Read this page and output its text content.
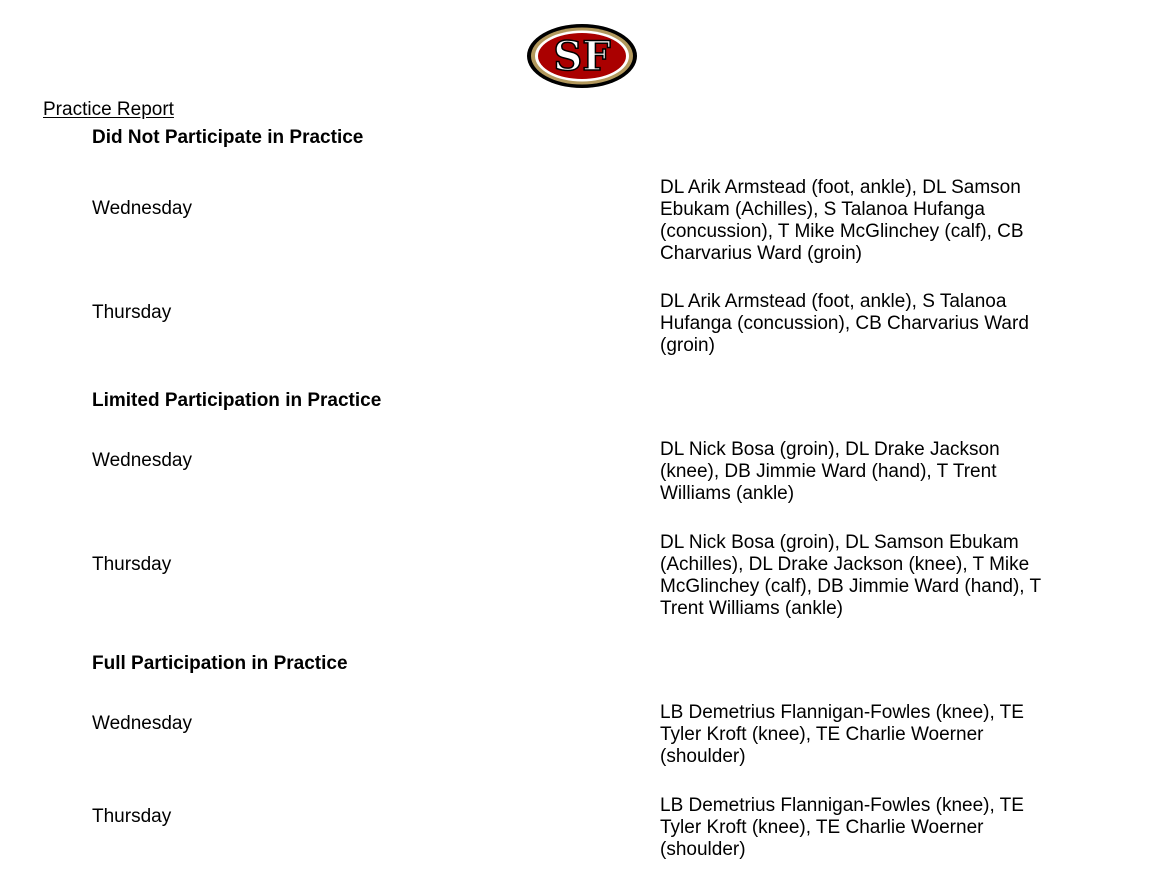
SF
Practice Report
Did Not Participate in Practice
Wednesday
DL Arik Armstead (foot, ankle), DL Samson
Ebukam (Achilles), S Talanoa Hufanga
(concussion), T Mike McGlinchey (calf), CB
Charvarius Ward (groin)
Thursday
DL Arik Armstead (foot, ankle), S Talanoa
Hufanga (concussion), CB Charvarius Ward
(groin)
Limited Participation in Practice
Wednesday
DL Nick Bosa (groin), DL Drake Jackson
(knee), DB Jimmie Ward (hand), T Trent
Williams (ankle)
Thursday
DL Nick Bosa (groin), DL Samson Ebukam
(Achilles), DL Drake Jackson (knee), T Mike
McGlinchey (calf), DB Jimmie Ward (hand), T
Trent Williams (ankle)
Full Participation in Practice
Wednesday
LB Demetrius Flannigan-Fowles (knee), TE
Tyler Kroft (knee), TE Charlie Woerner
(shoulder)
Thursday
LB Demetrius Flannigan-Fowles (knee), TE
Tyler Kroft (knee), TE Charlie Woerner
(shoulder)
